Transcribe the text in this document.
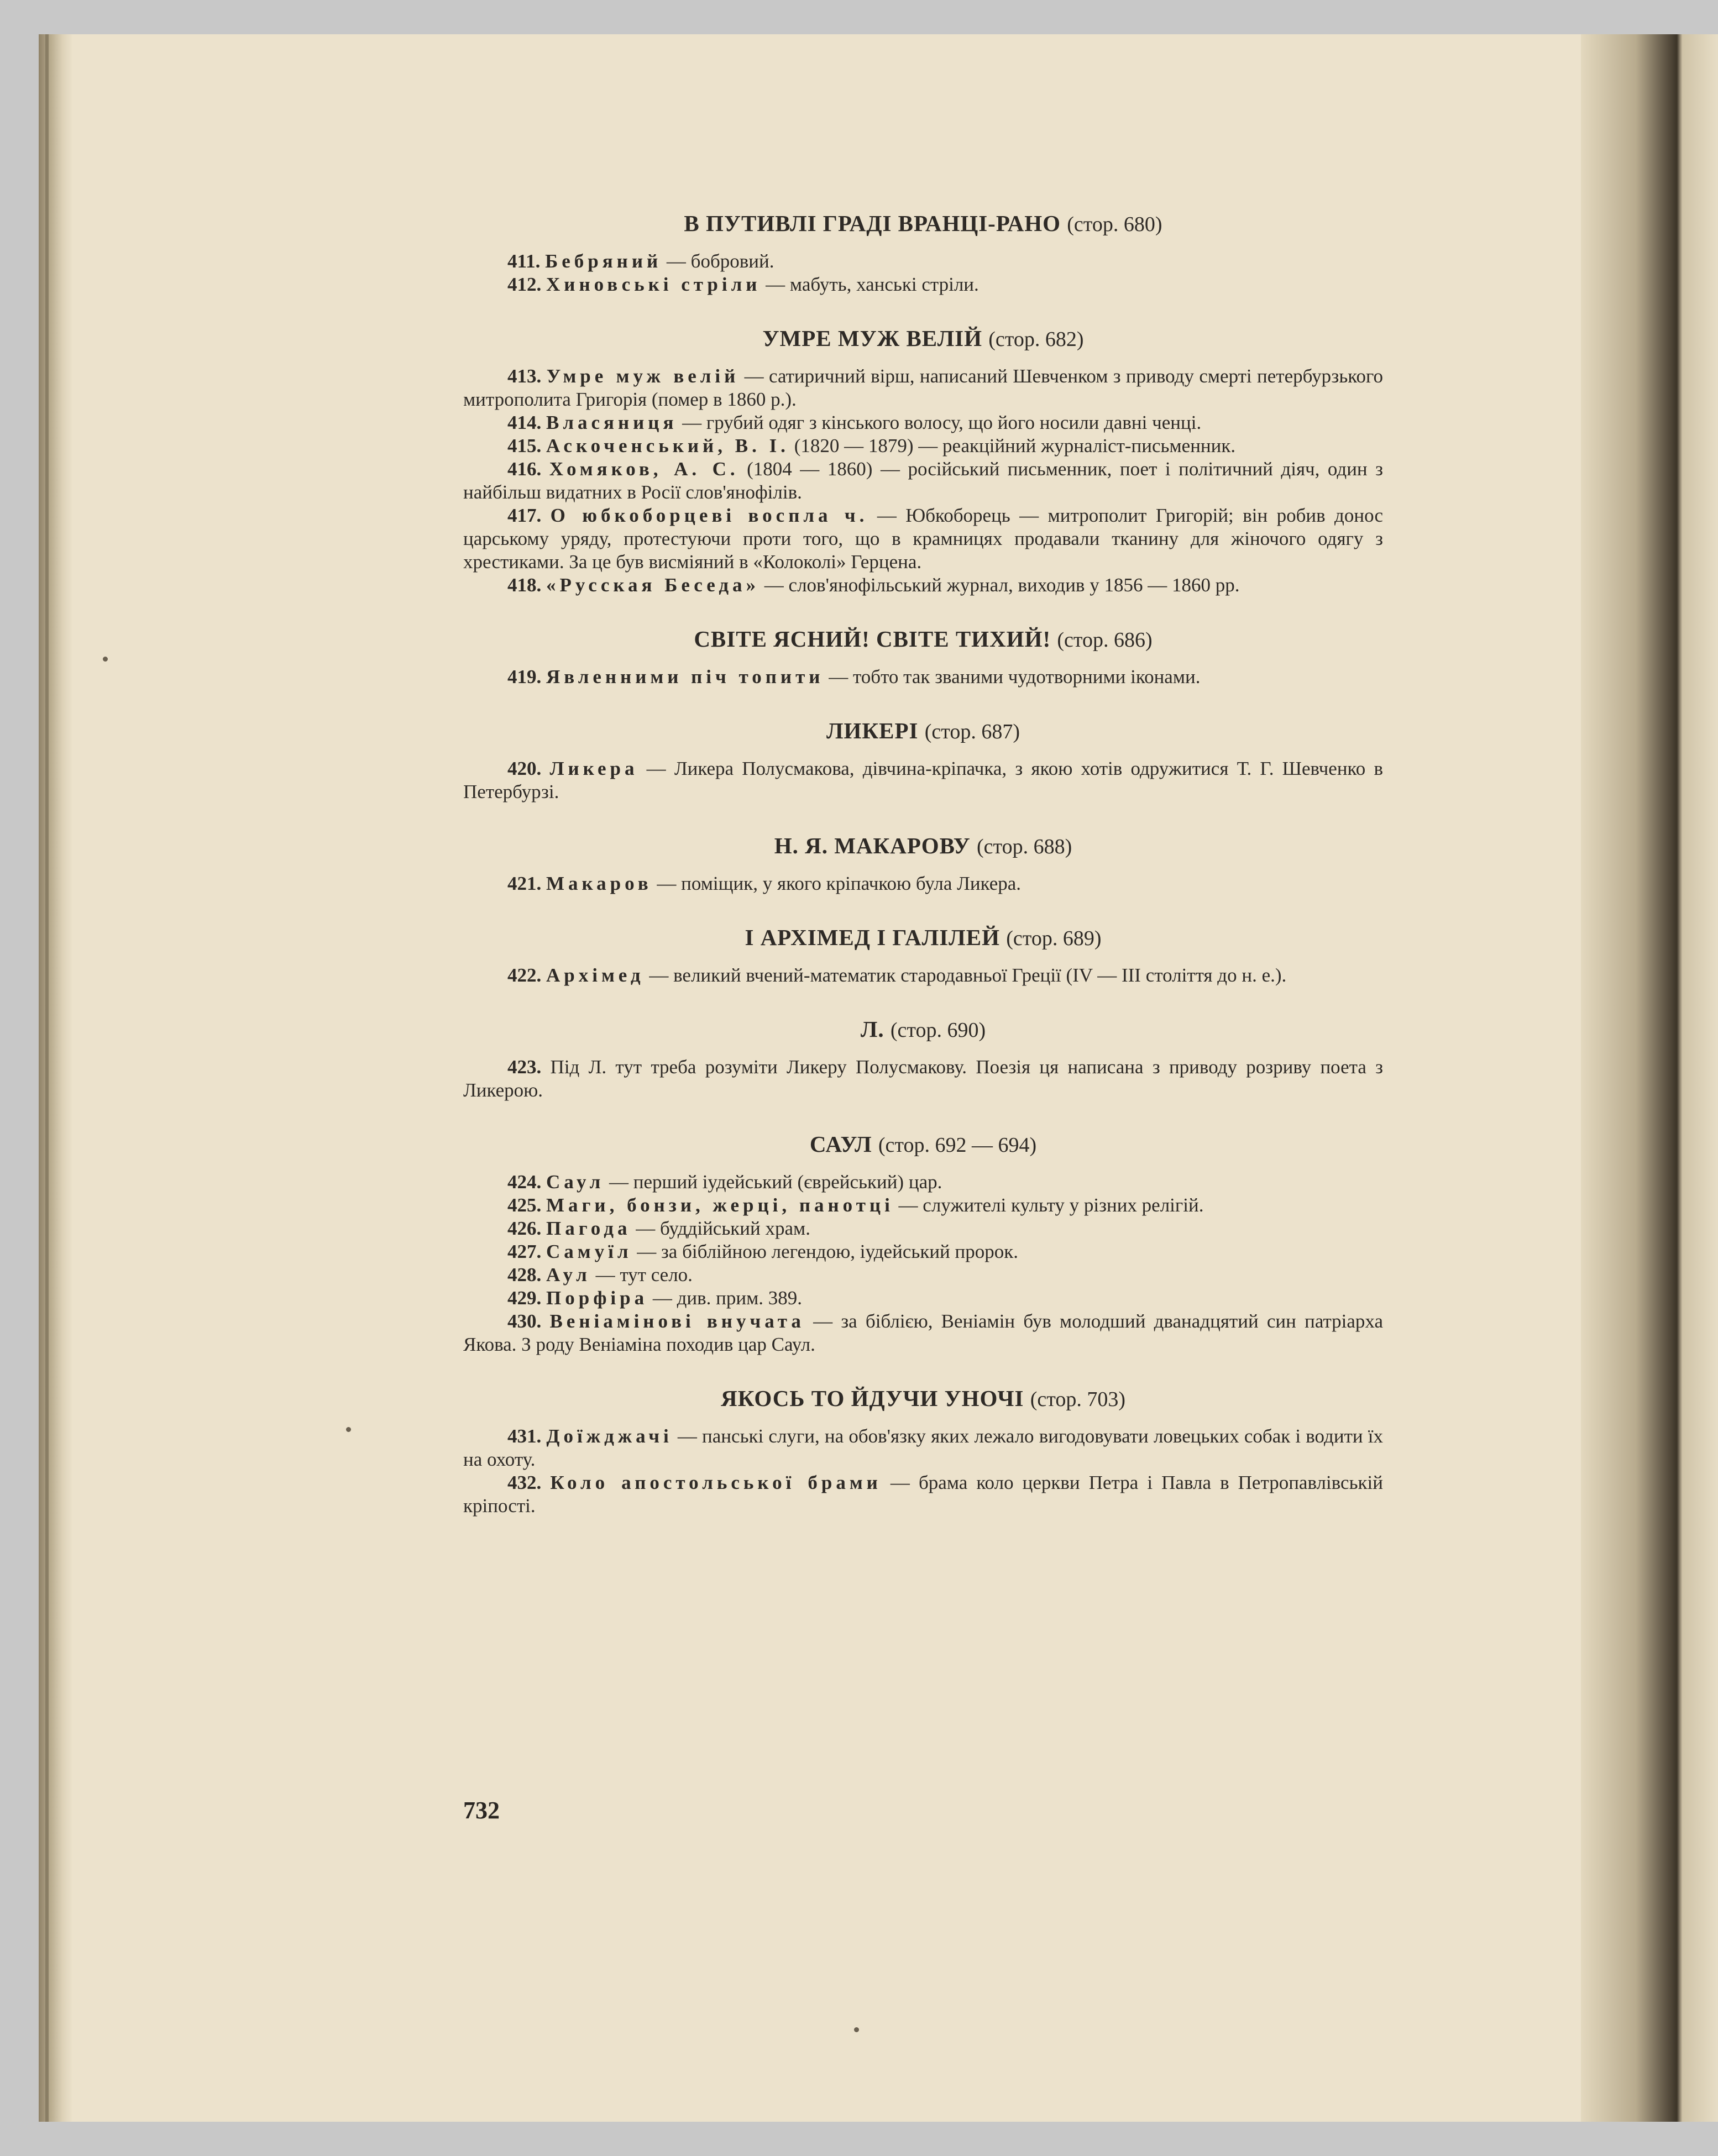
В ПУТИВЛІ ГРАДІ ВРАНЦІ-РАНО (стор. 680)

411. Бебряний — бобровий.

412. Хиновські стріли — мабуть, ханські стріли.

УМРЕ МУЖ ВЕЛІЙ (стор. 682)

413. Умре муж велій — сатиричний вірш, написаний Шевченком з приводу смерті петербурзького митрополита Григорія (помер в 1860 р.).

414. Власяниця — грубий одяг з кінського волосу, що його носили давні ченці.

415. Аскоченський, В. І. (1820 — 1879) — реакційний журналіст-письменник.

416. Хомяков, А. С. (1804 — 1860) — російський письменник, поет і політичний діяч, один з найбільш видатних в Росії слов'янофілів.

417. О юбкоборцеві воспла ч. — Юбкоборець — митрополит Григорій; він робив донос царському уряду, протестуючи проти того, що в крамницях продавали тканину для жіночого одягу з хрестиками. За це був висміяний в «Колоколі» Герцена.

418. «Русская Беседа» — слов'янофільський журнал, виходив у 1856 — 1860 рр.

СВІТЕ ЯСНИЙ! СВІТЕ ТИХИЙ! (стор. 686)

419. Явленними піч топити — тобто так званими чудотворними іконами.

ЛИКЕРІ (стор. 687)

420. Ликера — Ликера Полусмакова, дівчина-кріпачка, з якою хотів одружитися Т. Г. Шевченко в Петербурзі.

Н. Я. МАКАРОВУ (стор. 688)

421. Макаров — поміщик, у якого кріпачкою була Ликера.

І АРХІМЕД І ГАЛІЛЕЙ (стор. 689)

422. Архімед — великий вчений-математик стародавньої Греції (IV — III століття до н. е.).

Л. (стор. 690)

423. Під Л. тут треба розуміти Ликеру Полусмакову. Поезія ця написана з приводу розриву поета з Ликерою.

САУЛ (стор. 692 — 694)

424. Саул — перший іудейський (єврейський) цар.

425. Маги, бонзи, жерці, панотці — служителі культу у різних релігій.

426. Пагода — буддійський храм.

427. Самуїл — за біблійною легендою, іудейський пророк.

428. Аул — тут село.

429. Порфіра — див. прим. 389.

430. Веніамінові внучата — за біблією, Веніамін був молодший дванадцятий син патріарха Якова. З роду Веніаміна походив цар Саул.

ЯКОСЬ ТО ЙДУЧИ УНОЧІ (стор. 703)

431. Доїжджачі — панські слуги, на обов'язку яких лежало вигодовувати ловецьких собак і водити їх на охоту.

432. Коло апостольської брами — брама коло церкви Петра і Павла в Петропавлівській кріпості.

732
